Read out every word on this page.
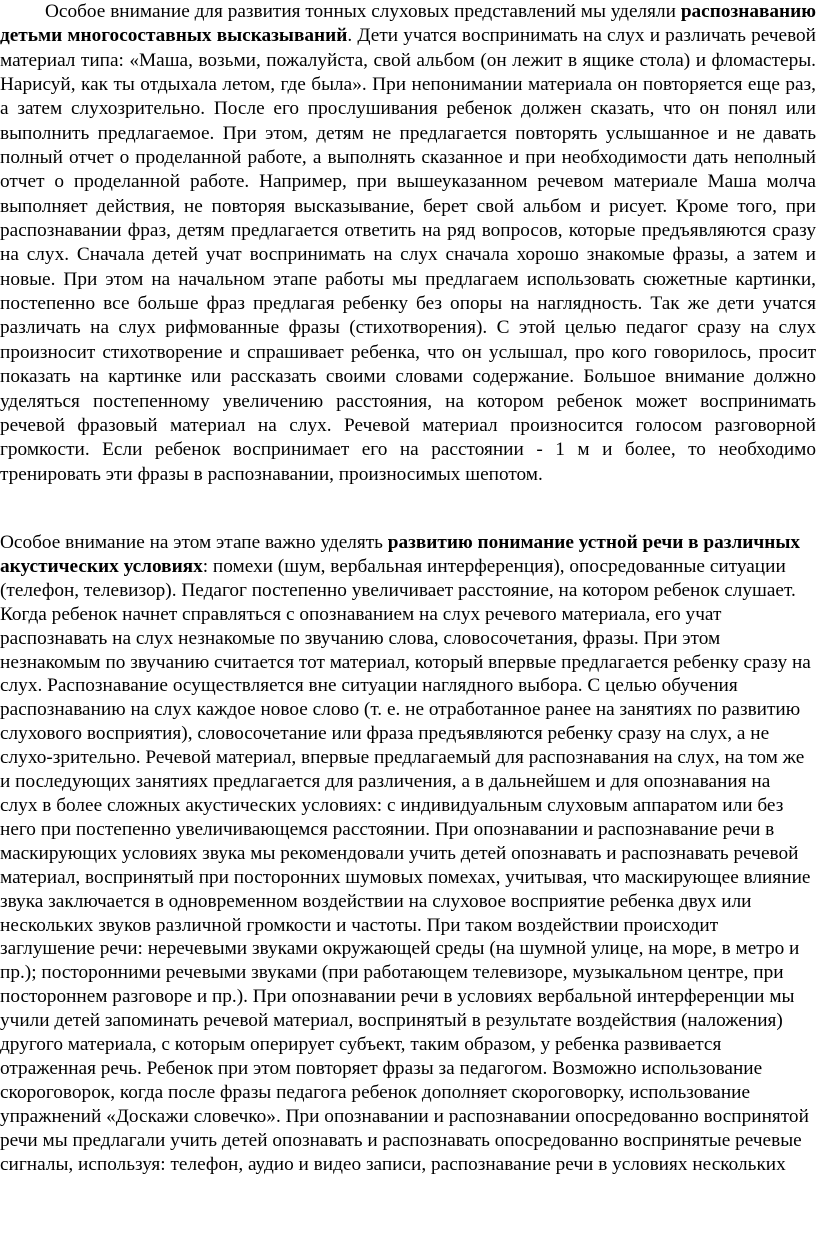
Особое внимание для развития тонных слуховых представлений мы уделяли распознаванию детьми многосоставных высказываний. Дети учатся воспринимать на слух и различать речевой материал типа: «Маша, возьми, пожалуйста, свой альбом (он лежит в ящике стола) и фломастеры. Нарисуй, как ты отдыхала летом, где была». При непонимании материала он повторяется еще раз, а затем слухозрительно. После его прослушивания ребенок должен сказать, что он понял или выполнить предлагаемое. При этом, детям не предлагается повторять услышанное и не давать полный отчет о проделанной работе, а выполнять сказанное и при необходимости дать неполный отчет о проделанной работе. Например, при вышеуказанном речевом материале Маша молча выполняет действия, не повторяя высказывание, берет свой альбом и рисует. Кроме того, при распознавании фраз, детям предлагается ответить на ряд вопросов, которые предъявляются сразу на слух. Сначала детей учат воспринимать на слух сначала хорошо знакомые фразы, а затем и новые. При этом на начальном этапе работы мы предлагаем использовать сюжетные картинки, постепенно все больше фраз предлагая ребенку без опоры на наглядность. Так же дети учатся различать на слух рифмованные фразы (стихотворения). С этой целью педагог сразу на слух произносит стихотворение и спрашивает ребенка, что он услышал, про кого говорилось, просит показать на картинке или рассказать своими словами содержание. Большое внимание должно уделяться постепенному увеличению расстояния, на котором ребенок может воспринимать речевой фразовый материал на слух. Речевой материал произносится голосом разговорной громкости. Если ребенок воспринимает его на расстоянии - 1 м и более, то необходимо тренировать эти фразы в распознавании, произносимых шепотом.

Особое внимание на этом этапе важно уделять развитию понимание устной речи в различных акустических условиях: помехи (шум, вербальная интерференция), опосредованные ситуации (телефон, телевизор). Педагог постепенно увеличивает расстояние, на котором ребенок слушает. Когда ребенок начнет справляться с опознаванием на слух речевого материала, его учат распознавать на слух незнакомые по звучанию слова, словосочетания, фразы. При этом незнакомым по звучанию считается тот материал, который впервые предлагается ребенку сразу на слух. Распознавание осуществляется вне ситуации наглядного выбора. С целью обучения распознаванию на слух каждое новое слово (т. е. не отработанное ранее на занятиях по развитию слухового восприятия), словосочетание или фраза предъявляются ребенку сразу на слух, а не слухо-зрительно. Речевой материал, впервые предлагаемый для распознавания на слух, на том же и последующих занятиях предлагается для различения, а в дальнейшем и для опознавания на слух в более сложных акустических условиях: с индивидуальным слуховым аппаратом или без него при постепенно увеличивающемся расстоянии. При опознавании и распознавание речи в маскирующих условиях звука мы рекомендовали учить детей опознавать и распознавать речевой материал, воспринятый при посторонних шумовых помехах, учитывая, что маскирующее влияние звука заключается в одновременном воздействии на слуховое восприятие ребенка двух или нескольких звуков различной громкости и частоты. При таком воздействии происходит заглушение речи: неречевыми звуками окружающей среды (на шумной улице, на море, в метро и пр.); посторонними речевыми звуками (при работающем телевизоре, музыкальном центре, при постороннем разговоре и пр.). При опознавании речи в условиях вербальной интерференции мы учили детей запоминать речевой материал, воспринятый в результате воздействия (наложения) другого материала, с которым оперирует субъект, таким образом, у ребенка развивается отраженная речь. Ребенок при этом повторяет фразы за педагогом. Возможно использование скороговорок, когда после фразы педагога ребенок дополняет скороговорку, использование упражнений «Доскажи словечко». При опознавании и распознавании опосредованно воспринятой речи мы предлагали учить детей опознавать и распознавать опосредованно воспринятые речевые сигналы, используя: телефон, аудио и видео записи, распознавание речи в условиях нескольких
